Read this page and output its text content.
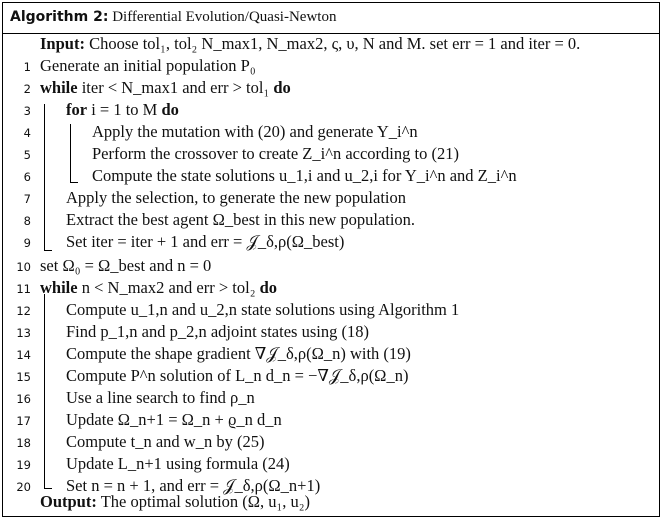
Algorithm 2: Differential Evolution/Quasi-Newton
Input: Choose tol₁, tol₂ N_max1, N_max2, ς, υ, N and M. set err = 1 and iter = 0.
1 Generate an initial population P₀
2 while iter < N_max1 and err > tol₁ do
3 for i = 1 to M do
4	Apply the mutation with (20) and generate Y_i^n
5	Perform the crossover to create Z_i^n according to (21)
6	Compute the state solutions u_1,i and u_2,i for Y_i^n and Z_i^n
7 Apply the selection, to generate the new population
8 Extract the best agent Ω_best in this new population.
9 Set iter = iter + 1 and err = 𝒥_δ,ρ(Ω_best)
10 set Ω₀ = Ω_best and n = 0
11 while n < N_max2 and err > tol₂ do
12 Compute u_1,n and u_2,n state solutions using Algorithm 1
13 Find p_1,n and p_2,n adjoint states using (18)
14 Compute the shape gradient ∇𝒥_δ,ρ(Ω_n) with (19)
15 Compute P^n solution of L_n d_n = −∇𝒥_δ,ρ(Ω_n)
16 Use a line search to find ρ_n
17 Update Ω_n+1 = Ω_n + ϱ_n d_n
18 Compute t_n and w_n by (25)
19 Update L_n+1 using formula (24)
20 Set n = n + 1, and err = 𝒥_δ,ρ(Ω_n+1)
Output: The optimal solution (Ω, u₁, u₂)
